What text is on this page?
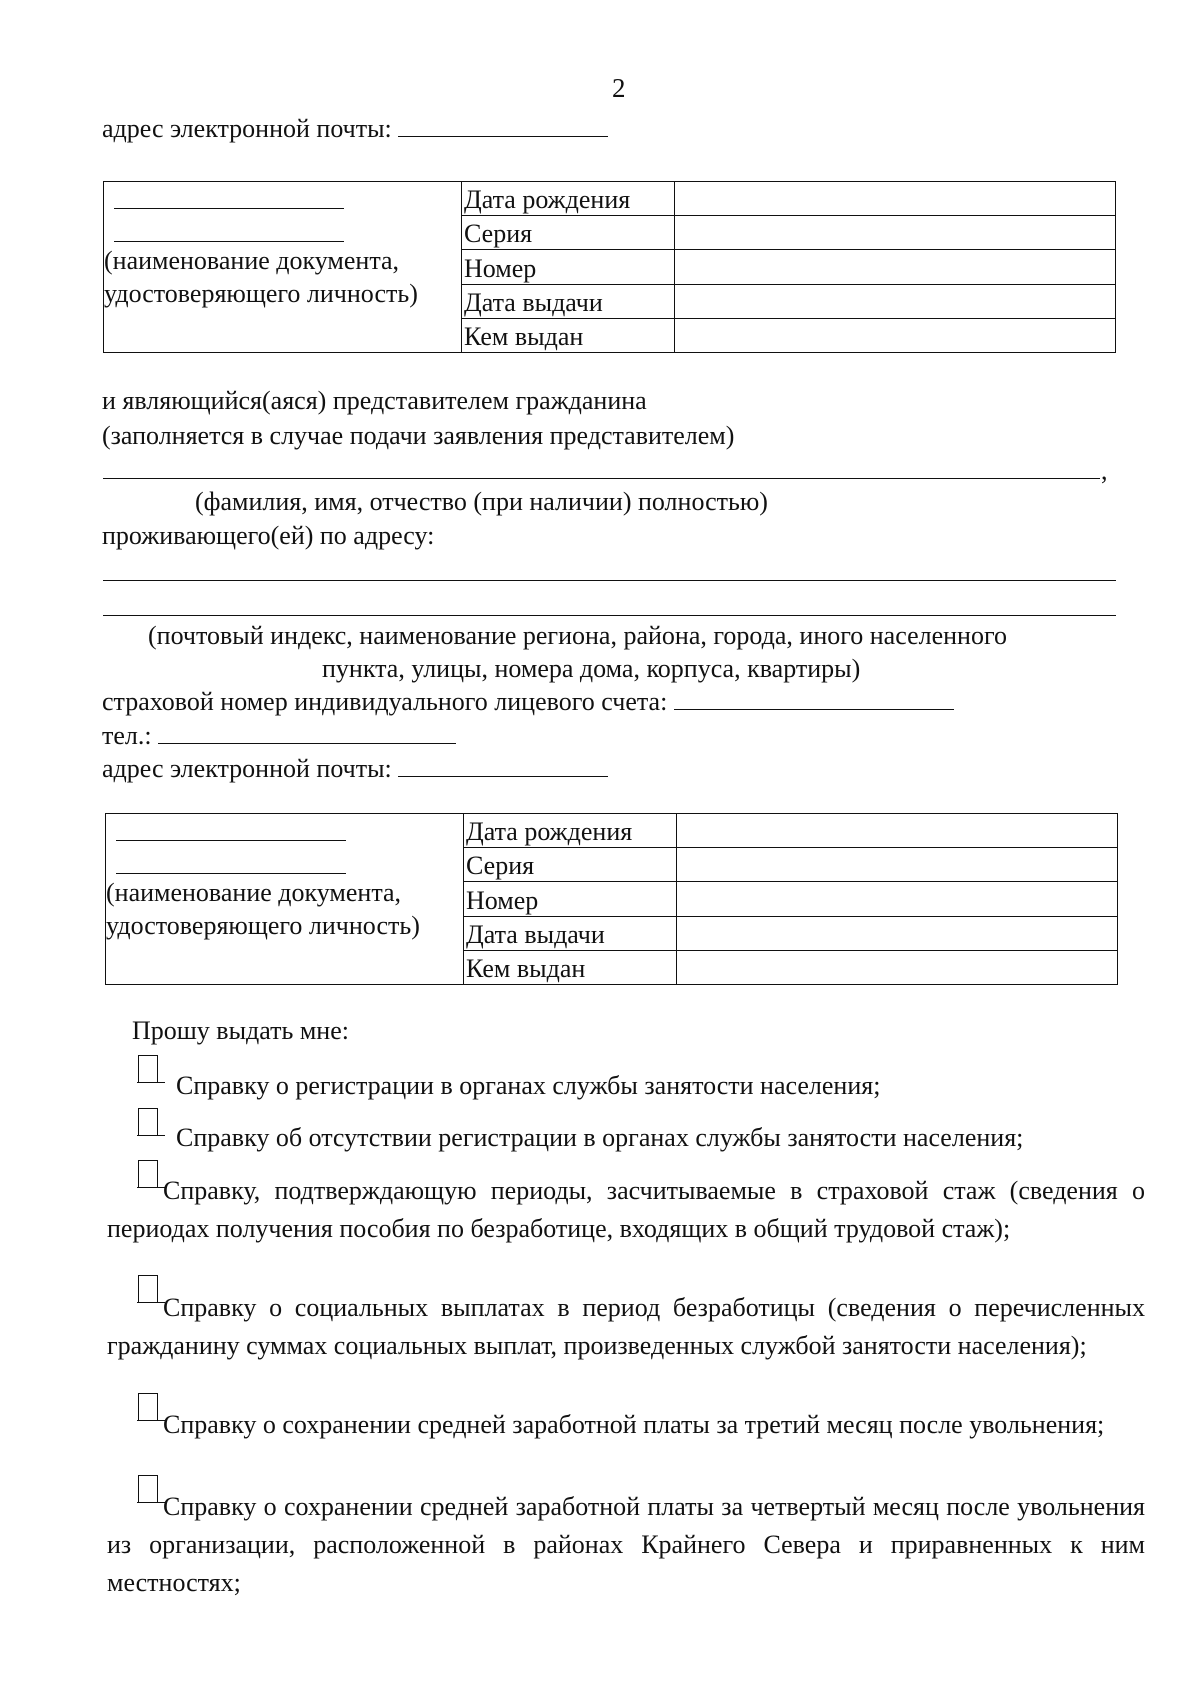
2
адрес электронной почты:
(наименование документа,
удостоверяющего личность)	Дата рождения	
	Серия	
	Номер	
	Дата выдачи	
	Кем выдан	
и являющийся(аяся) представителем гражданина
(заполняется в случае подачи заявления представителем)
,
(фамилия, имя, отчество (при наличии) полностью)
проживающего(ей) по адресу:
(почтовый индекс, наименование региона, района, города, иного населенного
пункта, улицы, номера дома, корпуса, квартиры)
страховой номер индивидуального лицевого счета:
тел.:
адрес электронной почты:
(наименование документа,
удостоверяющего личность)	Дата рождения	
	Серия	
	Номер	
	Дата выдачи	
	Кем выдан	
Прошу выдать мне:
Справку о регистрации в органах службы занятости населения;
Справку об отсутствии регистрации в органах службы занятости населения;
Справку, подтверждающую периоды, засчитываемые в страховой стаж (сведения о периодах получения пособия по безработице, входящих в общий трудовой стаж);
Справку о социальных выплатах в период безработицы (сведения о перечисленных гражданину суммах социальных выплат, произведенных службой занятости населения);
Справку о сохранении средней заработной платы за третий месяц после увольнения;
Справку о сохранении средней заработной платы за четвертый месяц после увольнения из организации, расположенной в районах Крайнего Севера и приравненных к ним местностях;
